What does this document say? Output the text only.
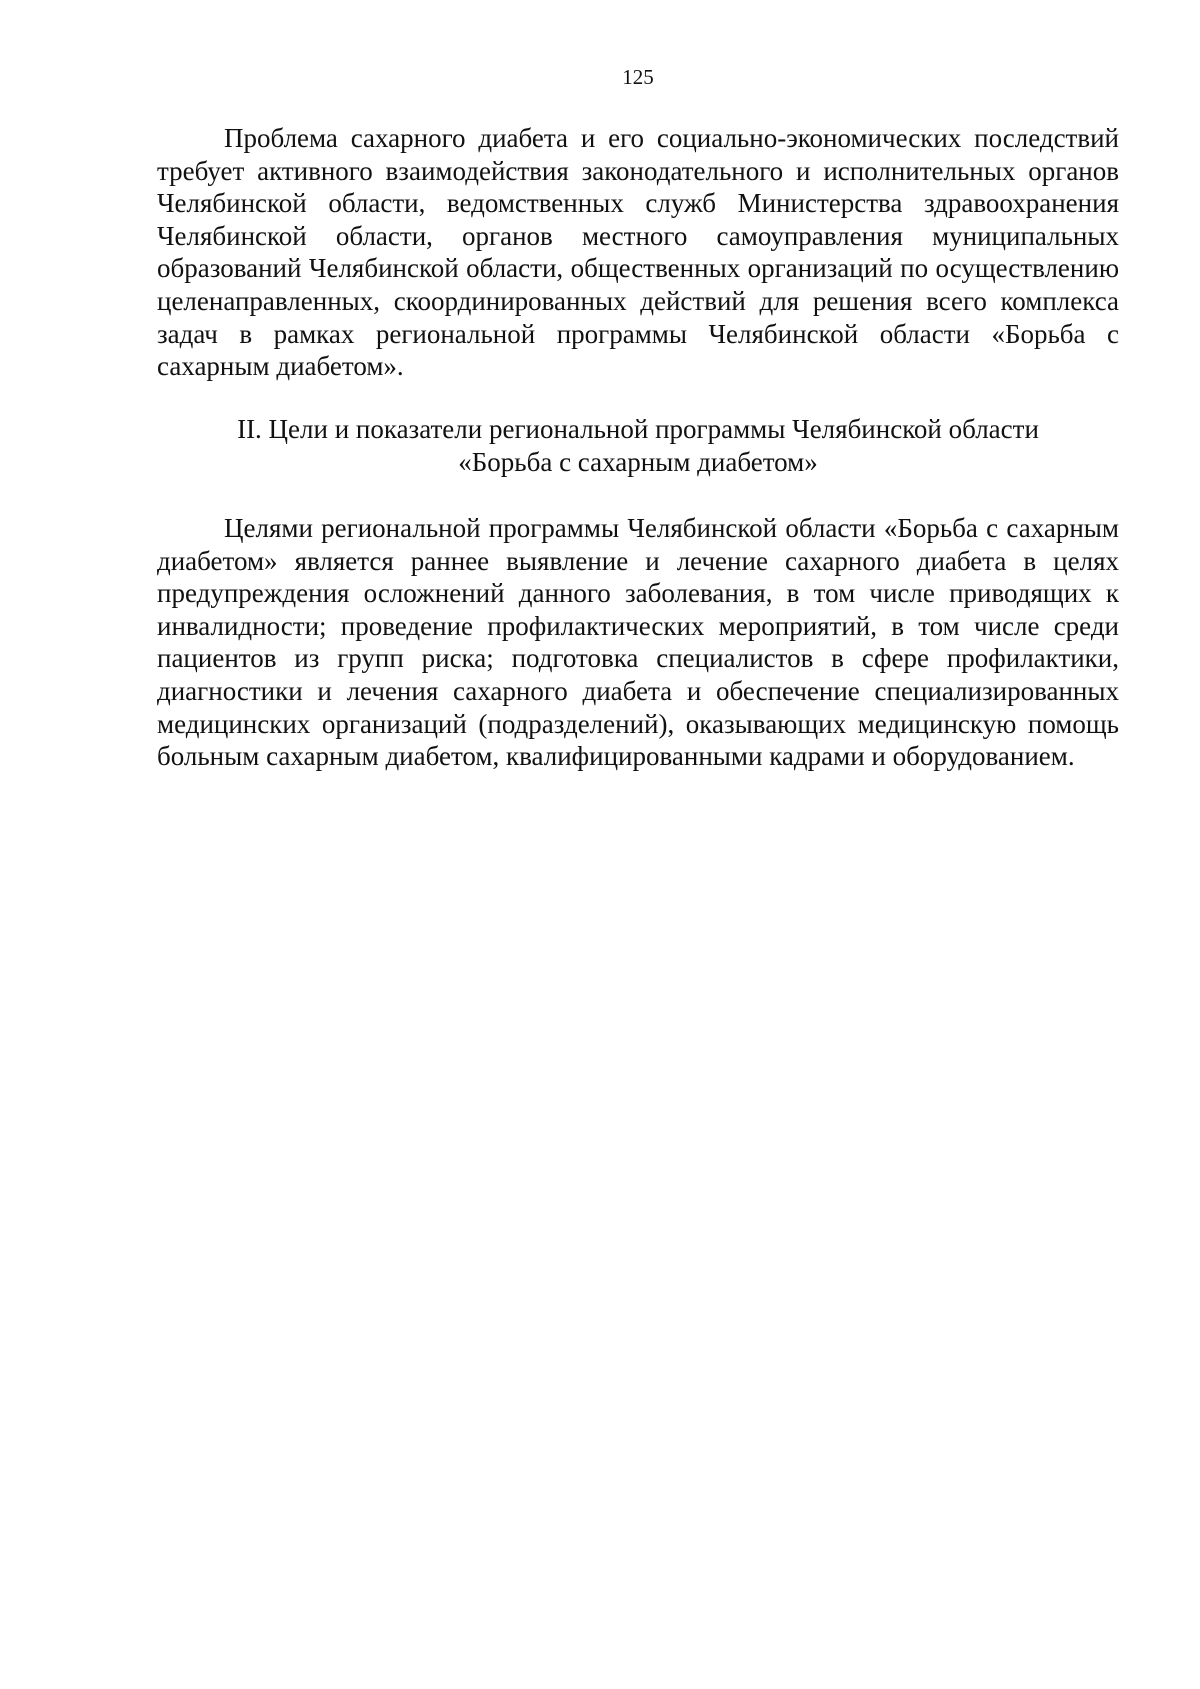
125

Проблема сахарного диабета и его социально-экономических последствий требует активного взаимодействия законодательного и исполнительных органов Челябинской области, ведомственных служб Министерства здравоохранения Челябинской области, органов местного самоуправления муниципальных образований Челябинской области, общественных организаций по осуществлению целенаправленных, скоординированных действий для решения всего комплекса задач в рамках региональной программы Челябинской области «Борьба с сахарным диабетом».

II. Цели и показатели региональной программы Челябинской области
«Борьба с сахарным диабетом»

Целями региональной программы Челябинской области «Борьба с сахарным диабетом» является раннее выявление и лечение сахарного диабета в целях предупреждения осложнений данного заболевания, в том числе приводящих к инвалидности; проведение профилактических мероприятий, в том числе среди пациентов из групп риска; подготовка специалистов в сфере профилактики, диагностики и лечения сахарного диабета и обеспечение специализированных медицинских организаций (подразделений), оказывающих медицинскую помощь больным сахарным диабетом, квалифицированными кадрами и оборудованием.
